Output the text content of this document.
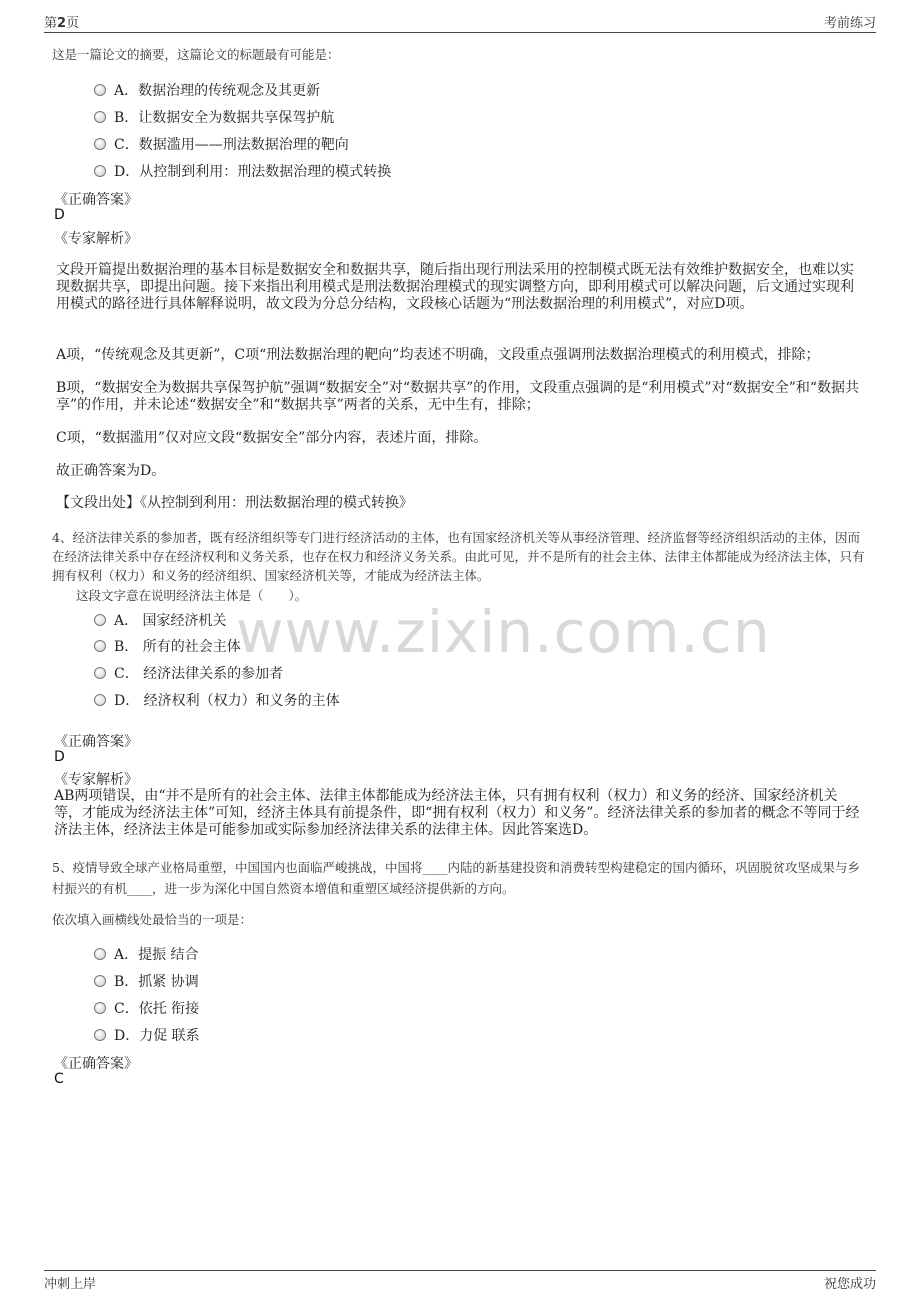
第2页	考前练习
www.zixin.com.cn
这是一篇论文的摘要，这篇论文的标题最有可能是：
A．数据治理的传统观念及其更新
B．让数据安全为数据共享保驾护航
C．数据滥用——刑法数据治理的靶向
D．从控制到利用：刑法数据治理的模式转换
《正确答案》
D
《专家解析》
文段开篇提出数据治理的基本目标是数据安全和数据共享，随后指出现行刑法采用的控制模式既无法有效维护数据安全，也难以实现数据共享，即提出问题。接下来指出利用模式是刑法数据治理模式的现实调整方向，即利用模式可以解决问题，后文通过实现利用模式的路径进行具体解释说明，故文段为分总分结构，文段核心话题为“刑法数据治理的利用模式”，对应D项。
A项，“传统观念及其更新”，C项“刑法数据治理的靶向”均表述不明确，文段重点强调刑法数据治理模式的利用模式，排除；
B项，“数据安全为数据共享保驾护航”强调“数据安全”对“数据共享”的作用，文段重点强调的是“利用模式”对“数据安全”和“数据共享”的作用，并未论述“数据安全”和“数据共享”两者的关系，无中生有，排除；
C项，“数据滥用”仅对应文段“数据安全”部分内容，表述片面，排除。
故正确答案为D。
【文段出处】《从控制到利用：刑法数据治理的模式转换》
4、经济法律关系的参加者，既有经济组织等专门进行经济活动的主体，也有国家经济机关等从事经济管理、经济监督等经济组织活动的主体，因而在经济法律关系中存在经济权利和义务关系，也存在权力和经济义务关系。由此可见，并不是所有的社会主体、法律主体都能成为经济法主体，只有拥有权利（权力）和义务的经济组织、国家经济机关等，才能成为经济法主体。
这段文字意在说明经济法主体是（　　）。
A． 国家经济机关
B． 所有的社会主体
C． 经济法律关系的参加者
D． 经济权利（权力）和义务的主体
《正确答案》
D
《专家解析》
AB两项错误，由“并不是所有的社会主体、法律主体都能成为经济法主体，只有拥有权利（权力）和义务的经济、国家经济机关等，才能成为经济法主体”可知，经济主体具有前提条件，即“拥有权利（权力）和义务”。经济法律关系的参加者的概念不等同于经济法主体，经济法主体是可能参加或实际参加经济法律关系的法律主体。因此答案选D。
5、疫情导致全球产业格局重塑，中国国内也面临严峻挑战，中国将____内陆的新基建投资和消费转型构建稳定的国内循环，巩固脱贫攻坚成果与乡村振兴的有机____，进一步为深化中国自然资本增值和重塑区域经济提供新的方向。
依次填入画横线处最恰当的一项是：
A．提振 结合
B．抓紧 协调
C．依托 衔接
D．力促 联系
《正确答案》
C
冲刺上岸	祝您成功
